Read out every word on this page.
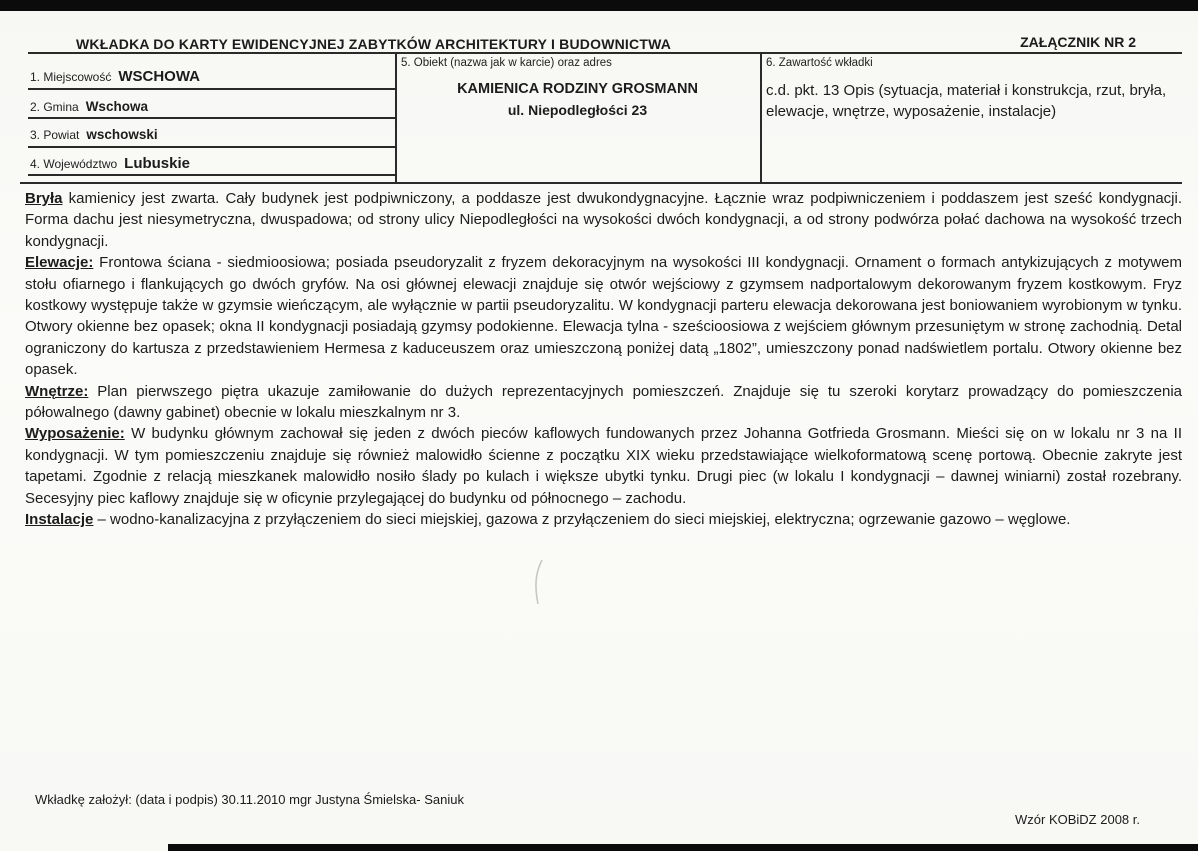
WKŁADKA DO KARTY EWIDENCYJNEJ ZABYTKÓW ARCHITEKTURY I BUDOWNICTWA	ZAŁĄCZNIK NR 2
1. Miejscowość WSCHOWA
2. Gmina Wschowa
3. Powiat wschowski
4. Województwo Lubuskie
5. Obiekt (nazwa jak w karcie) oraz adres
KAMIENICA RODZINY GROSMANN
ul. Niepodległości 23
6. Zawartość wkładki
c.d. pkt. 13 Opis (sytuacja, materiał i konstrukcja, rzut, bryła, elewacje, wnętrze, wyposażenie, instalacje)

Bryła kamienicy jest zwarta. Cały budynek jest podpiwniczony, a poddasze jest dwukondygnacyjne. Łącznie wraz podpiwniczeniem i poddaszem jest sześć kondygnacji. Forma dachu jest niesymetryczna, dwuspadowa; od strony ulicy Niepodległości na wysokości dwóch kondygnacji, a od strony podwórza połać dachowa na wysokość trzech kondygnacji.

Elewacje: Frontowa ściana - siedmioosiowa; posiada pseudoryzalit z fryzem dekoracyjnym na wysokości III kondygnacji. Ornament o formach antykizujących z motywem stołu ofiarnego i flankujących go dwóch gryfów. Na osi głównej elewacji znajduje się otwór wejściowy z gzymsem nadportalowym dekorowanym fryzem kostkowym. Fryz kostkowy występuje także w gzymsie wieńczącym, ale wyłącznie w partii pseudoryzalitu. W kondygnacji parteru elewacja dekorowana jest boniowaniem wyrobionym w tynku. Otwory okienne bez opasek; okna II kondygnacji posiadają gzymsy podokienne. Elewacja tylna - sześcioosiowa z wejściem głównym przesuniętym w stronę zachodnią. Detal ograniczony do kartusza z przedstawieniem Hermesa z kaduceuszem oraz umieszczoną poniżej datą „1802”, umieszczony ponad nadświetlem portalu. Otwory okienne bez opasek.

Wnętrze: Plan pierwszego piętra ukazuje zamiłowanie do dużych reprezentacyjnych pomieszczeń. Znajduje się tu szeroki korytarz prowadzący do pomieszczenia półowalnego (dawny gabinet) obecnie w lokalu mieszkalnym nr 3.

Wyposażenie: W budynku głównym zachował się jeden z dwóch pieców kaflowych fundowanych przez Johanna Gotfrieda Grosmann. Mieści się on w lokalu nr 3 na II kondygnacji. W tym pomieszczeniu znajduje się również malowidło ścienne z początku XIX wieku przedstawiające wielkoformatową scenę portową. Obecnie zakryte jest tapetami. Zgodnie z relacją mieszkanek malowidło nosiło ślady po kulach i większe ubytki tynku. Drugi piec (w lokalu I kondygnacji – dawnej winiarni) został rozebrany. Secesyjny piec kaflowy znajduje się w oficynie przylegającej do budynku od północnego – zachodu.

Instalacje – wodno-kanalizacyjna z przyłączeniem do sieci miejskiej, gazowa z przyłączeniem do sieci miejskiej, elektryczna; ogrzewanie gazowo – węglowe.

Wkładkę założył: (data i podpis) 30.11.2010 mgr Justyna Śmielska- Saniuk
Wzór KOBiDZ 2008 r.
